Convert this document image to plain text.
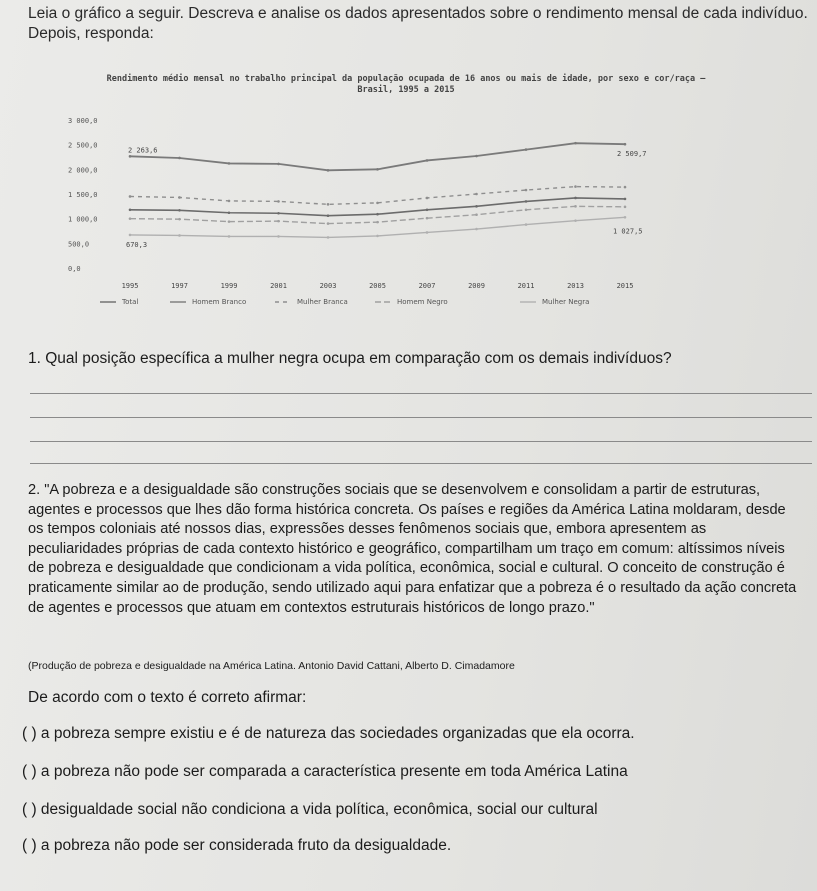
Leia o gráfico a seguir. Descreva e analise os dados apresentados sobre o rendimento mensal de cada indivíduo. Depois, responda:
Rendimento médio mensal no trabalho principal da população ocupada de 16 anos ou mais de idade, por sexo e cor/raça – Brasil, 1995 a 2015
3 000,0
2 500,0
2 000,0
1 500,0
1 000,0
500,0
0,0
1995	1997	1999	2001	2003	2005	2007	2009	2011	2013	2015
2 263,6	2 509,7
670,3
1 027,5
Total	Homem Branco	Mulher Branca	Homem Negro	Mulher Negra
1. Qual posição específica a mulher negra ocupa em comparação com os demais indivíduos?
2. "A pobreza e a desigualdade são construções sociais que se desenvolvem e consolidam a partir de estruturas, agentes e processos que lhes dão forma histórica concreta. Os países e regiões da América Latina moldaram, desde os tempos coloniais até nossos dias, expressões desses fenômenos sociais que, embora apresentem as peculiaridades próprias de cada contexto histórico e geográfico, compartilham um traço em comum: altíssimos níveis de pobreza e desigualdade que condicionam a vida política, econômica, social e cultural. O conceito de construção é praticamente similar ao de produção, sendo utilizado aqui para enfatizar que a pobreza é o resultado da ação concreta de agentes e processos que atuam em contextos estruturais históricos de longo prazo."
(Produção de pobreza e desigualdade na América Latina. Antonio David Cattani, Alberto D. Cimadamore
De acordo com o texto é correto afirmar:
( ) a pobreza sempre existiu e é de natureza das sociedades organizadas que ela ocorra.
( ) a pobreza não pode ser comparada a característica presente em toda América Latina
( ) desigualdade social não condiciona a vida política, econômica, social our cultural
( ) a pobreza não pode ser considerada fruto da desigualdade.
